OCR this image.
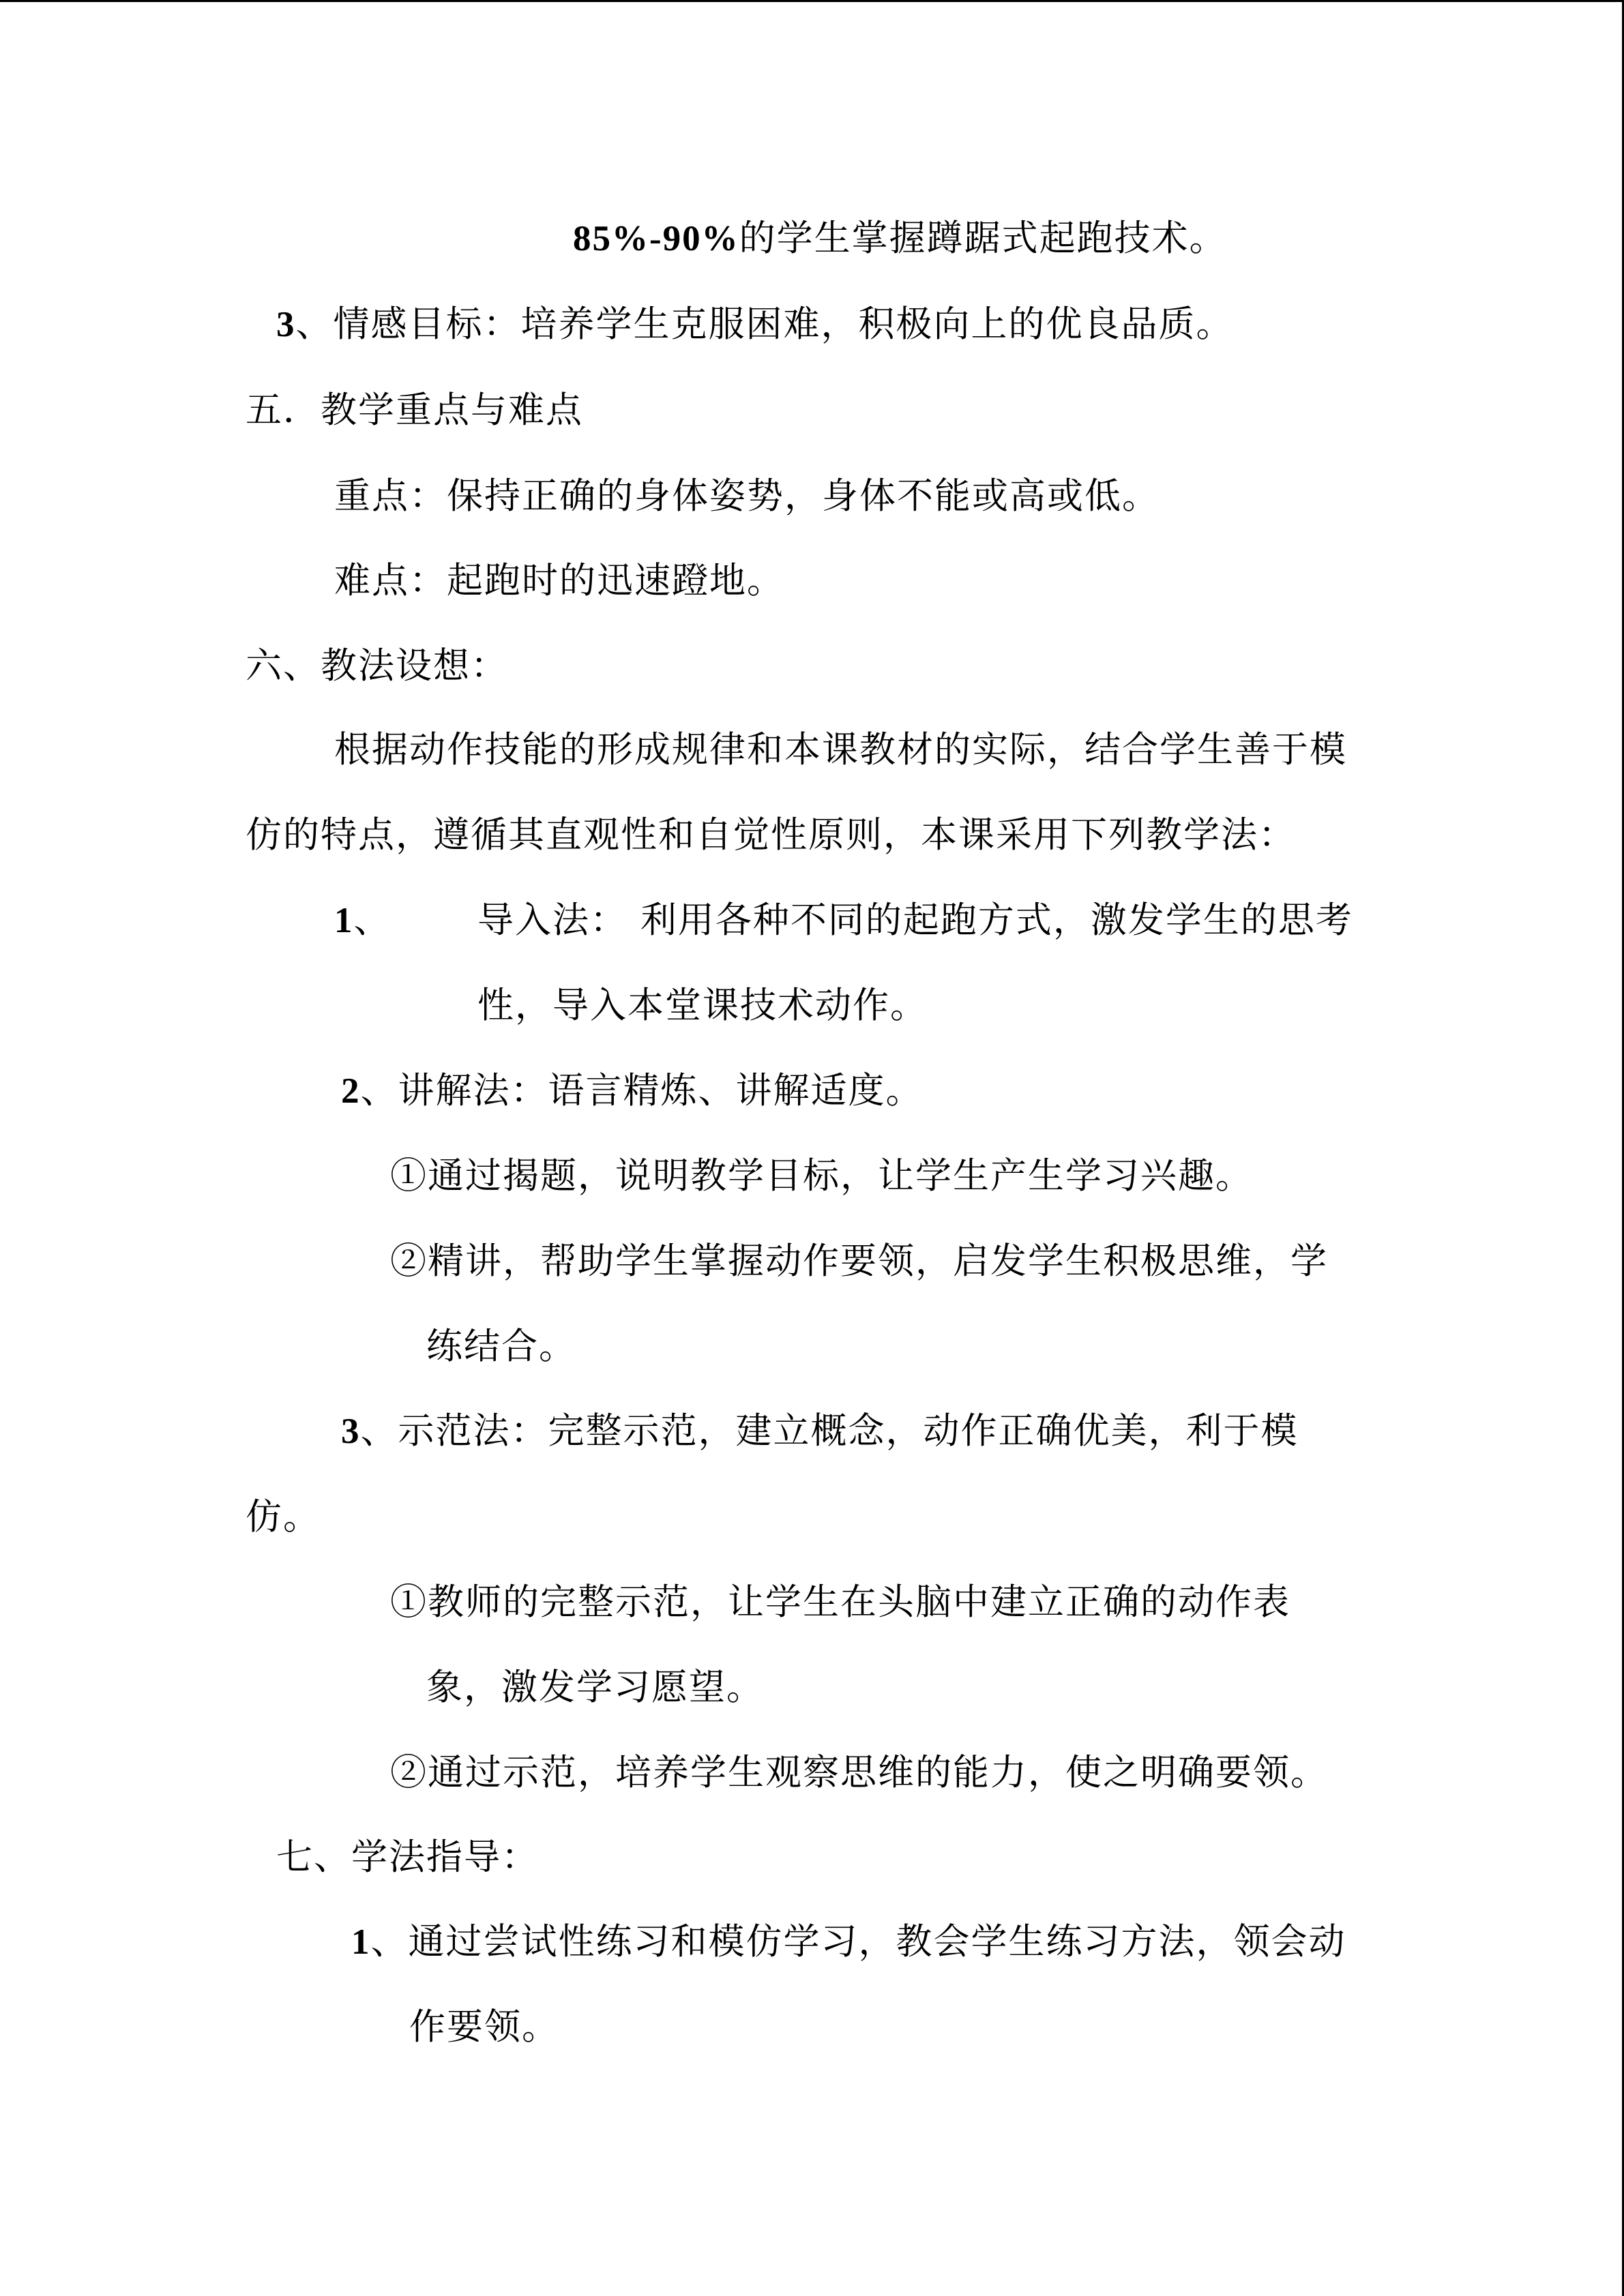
85%-90%的学生掌握蹲踞式起跑技术。
3、情感目标：培养学生克服困难，积极向上的优良品质。
五．教学重点与难点
重点：保持正确的身体姿势，身体不能或高或低。
难点：起跑时的迅速蹬地。
六、教法设想：
根据动作技能的形成规律和本课教材的实际，结合学生善于模
仿的特点，遵循其直观性和自觉性原则，本课采用下列教学法：
1、 导入法： 利用各种不同的起跑方式，激发学生的思考
性，导入本堂课技术动作。
2、讲解法：语言精炼、讲解适度。
①通过揭题，说明教学目标，让学生产生学习兴趣。
②精讲，帮助学生掌握动作要领，启发学生积极思维，学
练结合。
3、示范法：完整示范，建立概念，动作正确优美，利于模
仿。
①教师的完整示范，让学生在头脑中建立正确的动作表
象，激发学习愿望。
②通过示范，培养学生观察思维的能力，使之明确要领。
七、学法指导：
1、通过尝试性练习和模仿学习，教会学生练习方法，领会动
作要领。
